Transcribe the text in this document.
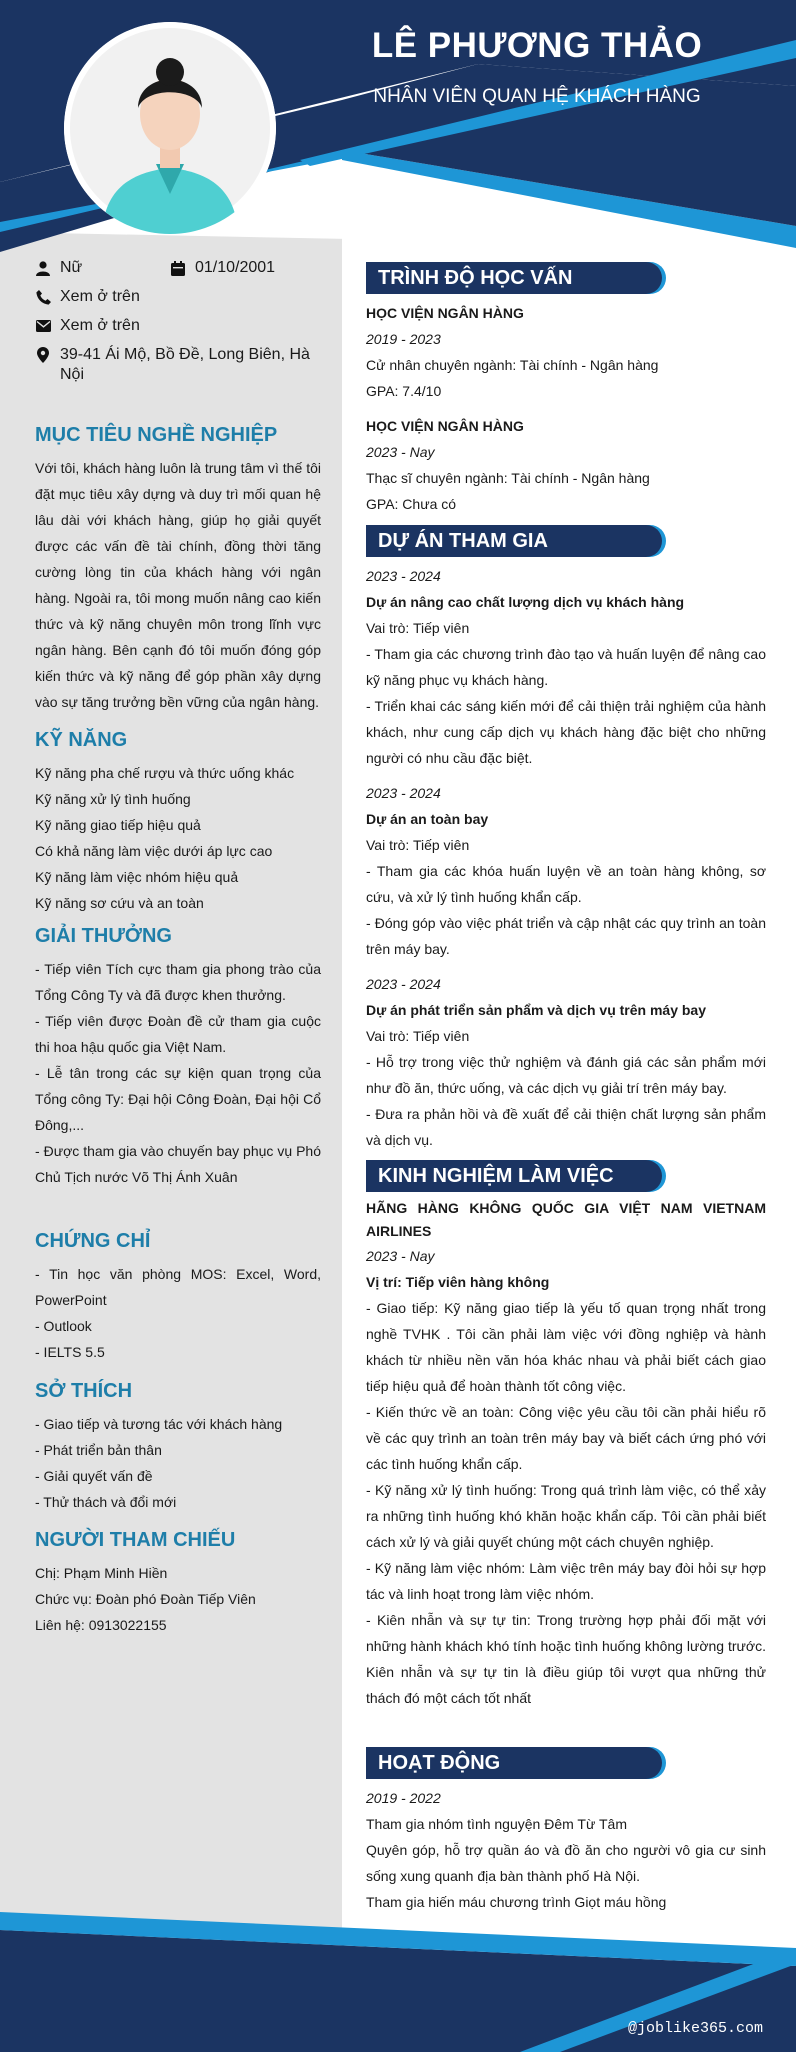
LÊ PHƯƠNG THẢO
NHÂN VIÊN QUAN HỆ KHÁCH HÀNG
Nữ	01/10/2001
Xem ở trên
Xem ở trên
39-41 Ái Mộ, Bồ Đề, Long Biên, Hà Nội
MỤC TIÊU NGHỀ NGHIỆP
Với tôi, khách hàng luôn là trung tâm vì thế tôi đặt mục tiêu xây dựng và duy trì mối quan hệ lâu dài với khách hàng, giúp họ giải quyết được các vấn đề tài chính, đồng thời tăng cường lòng tin của khách hàng với ngân hàng. Ngoài ra, tôi mong muốn nâng cao kiến thức và kỹ năng chuyên môn trong lĩnh vực ngân hàng. Bên cạnh đó tôi muốn đóng góp kiến thức và kỹ năng để góp phần xây dựng vào sự tăng trưởng bền vững của ngân hàng.
KỸ NĂNG
Kỹ năng pha chế rượu và thức uống khác
Kỹ năng xử lý tình huống
Kỹ năng giao tiếp hiệu quả
Có khả năng làm việc dưới áp lực cao
Kỹ năng làm việc nhóm hiệu quả
Kỹ năng sơ cứu và an toàn
GIẢI THƯỞNG
- Tiếp viên Tích cực tham gia phong trào của Tổng Công Ty và đã được khen thưởng.
- Tiếp viên được Đoàn đề cử tham gia cuộc thi hoa hậu quốc gia Việt Nam.
- Lễ tân trong các sự kiện quan trọng của Tổng công Ty: Đại hội Công Đoàn, Đại hội Cổ Đông,...
- Được tham gia vào chuyến bay phục vụ Phó Chủ Tịch nước Võ Thị Ánh Xuân
CHỨNG CHỈ
- Tin học văn phòng MOS: Excel, Word, PowerPoint
- Outlook
- IELTS 5.5
SỞ THÍCH
- Giao tiếp và tương tác với khách hàng
- Phát triển bản thân
- Giải quyết vấn đề
- Thử thách và đổi mới
NGƯỜI THAM CHIẾU
Chị: Phạm Minh Hiền
Chức vụ: Đoàn phó Đoàn Tiếp Viên
Liên hệ: 0913022155
TRÌNH ĐỘ HỌC VẤN
HỌC VIỆN NGÂN HÀNG
2019 - 2023
Cử nhân chuyên ngành: Tài chính - Ngân hàng
GPA: 7.4/10
HỌC VIỆN NGÂN HÀNG
2023 - Nay
Thạc sĩ chuyên ngành: Tài chính - Ngân hàng
GPA: Chưa có
DỰ ÁN THAM GIA
2023 - 2024
Dự án nâng cao chất lượng dịch vụ khách hàng
Vai trò: Tiếp viên
- Tham gia các chương trình đào tạo và huấn luyện để nâng cao kỹ năng phục vụ khách hàng.
- Triển khai các sáng kiến mới để cải thiện trải nghiệm của hành khách, như cung cấp dịch vụ khách hàng đặc biệt cho những người có nhu cầu đặc biệt.
2023 - 2024
Dự án an toàn bay
Vai trò: Tiếp viên
- Tham gia các khóa huấn luyện về an toàn hàng không, sơ cứu, và xử lý tình huống khẩn cấp.
- Đóng góp vào việc phát triển và cập nhật các quy trình an toàn trên máy bay.
2023 - 2024
Dự án phát triển sản phẩm và dịch vụ trên máy bay
Vai trò: Tiếp viên
- Hỗ trợ trong việc thử nghiệm và đánh giá các sản phẩm mới như đồ ăn, thức uống, và các dịch vụ giải trí trên máy bay.
- Đưa ra phản hồi và đề xuất để cải thiện chất lượng sản phẩm và dịch vụ.
KINH NGHIỆM LÀM VIỆC
HÃNG HÀNG KHÔNG QUỐC GIA VIỆT NAM VIETNAM AIRLINES
2023 - Nay
Vị trí: Tiếp viên hàng không
- Giao tiếp: Kỹ năng giao tiếp là yếu tố quan trọng nhất trong nghề TVHK . Tôi cần phải làm việc với đồng nghiệp và hành khách từ nhiều nền văn hóa khác nhau và phải biết cách giao tiếp hiệu quả để hoàn thành tốt công việc.
- Kiến thức về an toàn: Công việc yêu cầu tôi cần phải hiểu rõ về các quy trình an toàn trên máy bay và biết cách ứng phó với các tình huống khẩn cấp.
- Kỹ năng xử lý tình huống: Trong quá trình làm việc, có thể xảy ra những tình huống khó khăn hoặc khẩn cấp. Tôi cần phải biết cách xử lý và giải quyết chúng một cách chuyên nghiệp.
- Kỹ năng làm việc nhóm: Làm việc trên máy bay đòi hỏi sự hợp tác và linh hoạt trong làm việc nhóm.
- Kiên nhẫn và sự tự tin: Trong trường hợp phải đối mặt với những hành khách khó tính hoặc tình huống không lường trước. Kiên nhẫn và sự tự tin là điều giúp tôi vượt qua những thử thách đó một cách tốt nhất
HOẠT ĐỘNG
2019 - 2022
Tham gia nhóm tình nguyện Đêm Từ Tâm
Quyên góp, hỗ trợ quần áo và đồ ăn cho người vô gia cư sinh sống xung quanh địa bàn thành phố Hà Nội.
Tham gia hiến máu chương trình Giọt máu hồng
@joblike365.com
